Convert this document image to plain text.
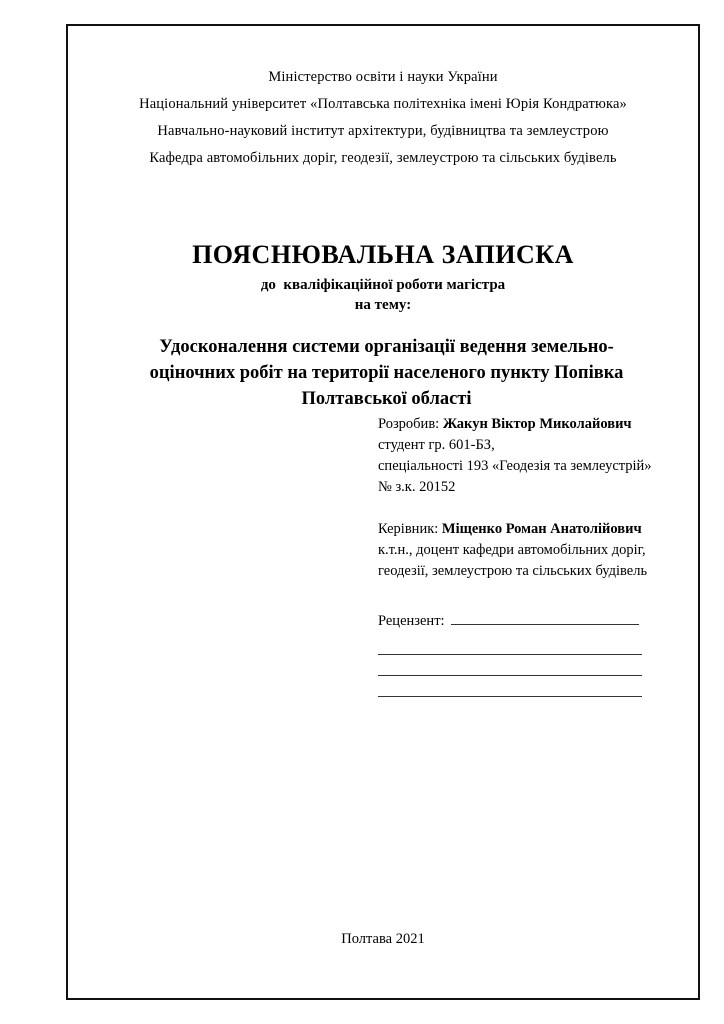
Міністерство освіти і науки України
Національний університет «Полтавська політехніка імені Юрія Кондратюка»
Навчально-науковий інститут архітектури, будівництва та землеустрою
Кафедра автомобільних доріг, геодезії, землеустрою та сільських будівель
ПОЯСНЮВАЛЬНА ЗАПИСКА
до  кваліфікаційної роботи магістра
на тему:
Удосконалення системи організації ведення земельно-оціночних робіт на території населеного пункту Попівка Полтавської області
Розробив: Жакун Віктор Миколайович
студент гр. 601-БЗ,
спеціальності 193 «Геодезія та землеустрій»
№ з.к. 20152
Керівник: Міщенко Роман Анатолійович
к.т.н., доцент кафедри автомобільних доріг,
геодезії, землеустрою та сільських будівель
Рецензент:
Полтава 2021
